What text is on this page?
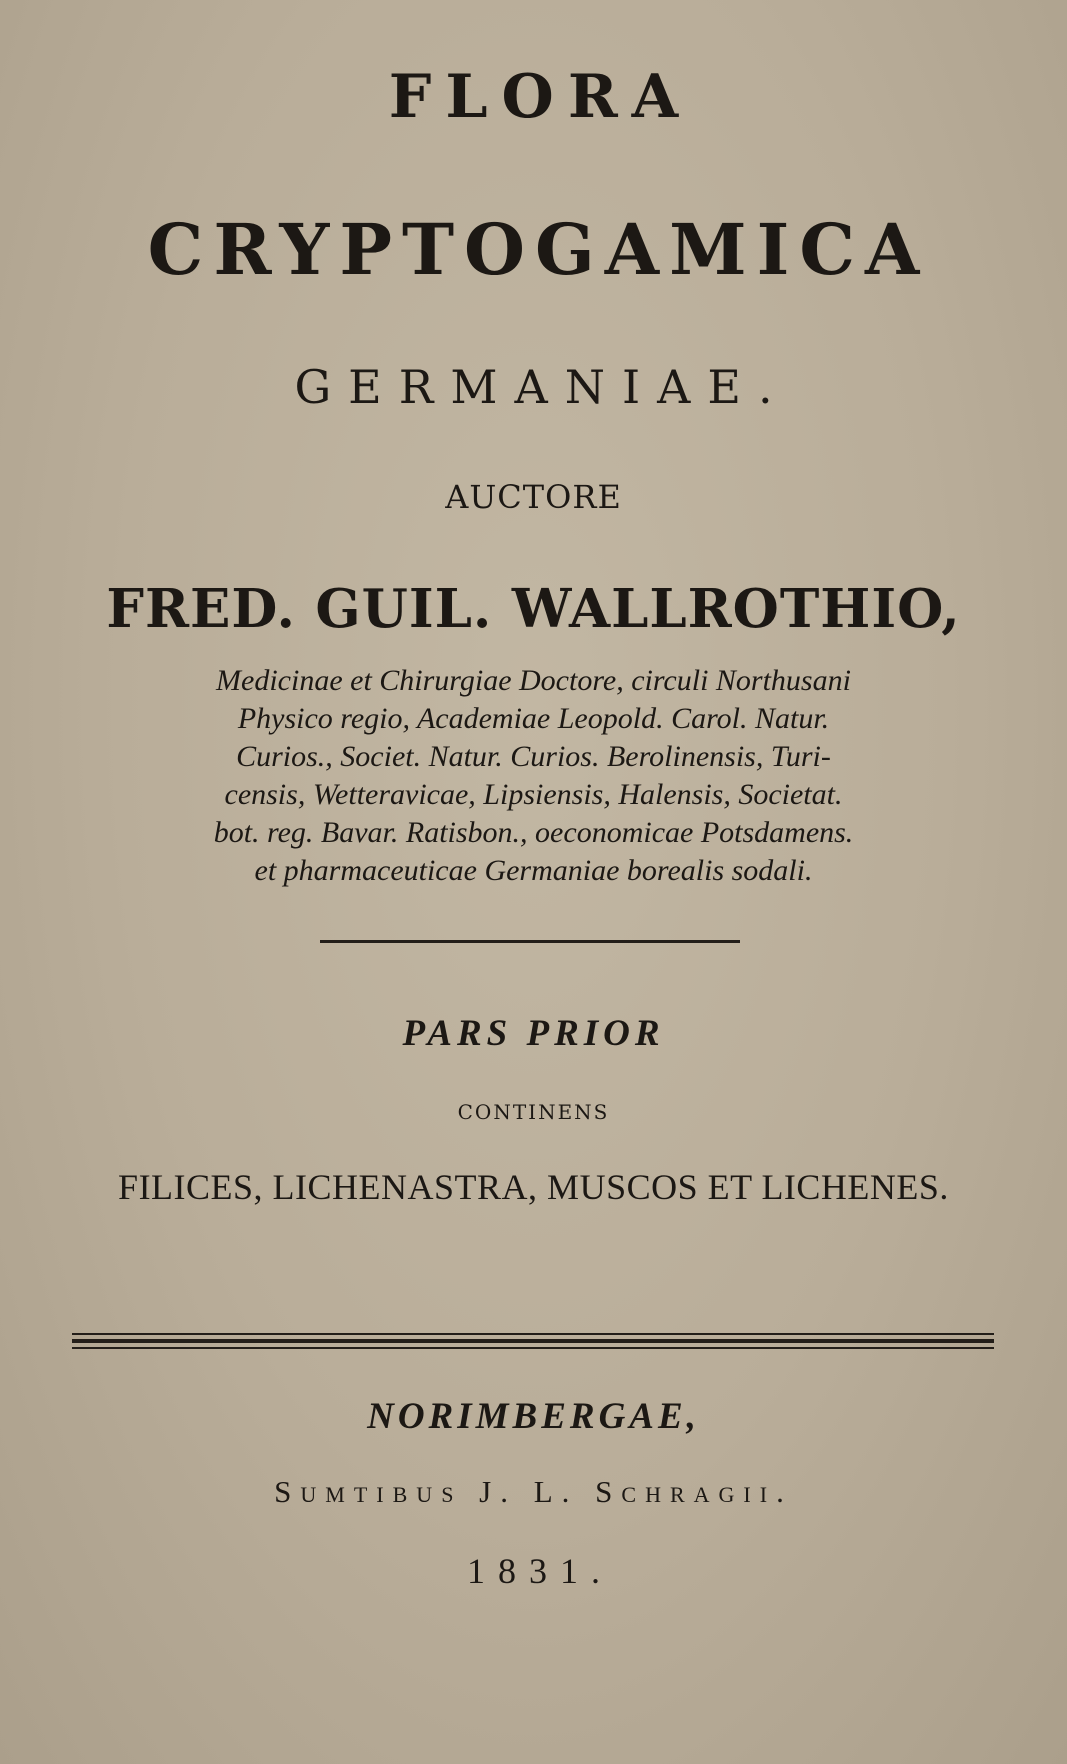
FLORA
CRYPTOGAMICA
GERMANIAE.
AUCTORE
FRED. GUIL. WALLROTHIO,
Medicinae et Chirurgiae Doctore, circuli Northusani
Physico regio, Academiae Leopold. Carol. Natur.
Curios., Societ. Natur. Curios. Berolinensis, Turi-
censis, Wetteravicae, Lipsiensis, Halensis, Societat.
bot. reg. Bavar. Ratisbon., oeconomicae Potsdamens.
et pharmaceuticae Germaniae borealis sodali.
PARS PRIOR
CONTINENS
FILICES, LICHENASTRA, MUSCOS ET LICHENES.
NORIMBERGAE,
Sumtibus J. L. Schragii.
1831.
